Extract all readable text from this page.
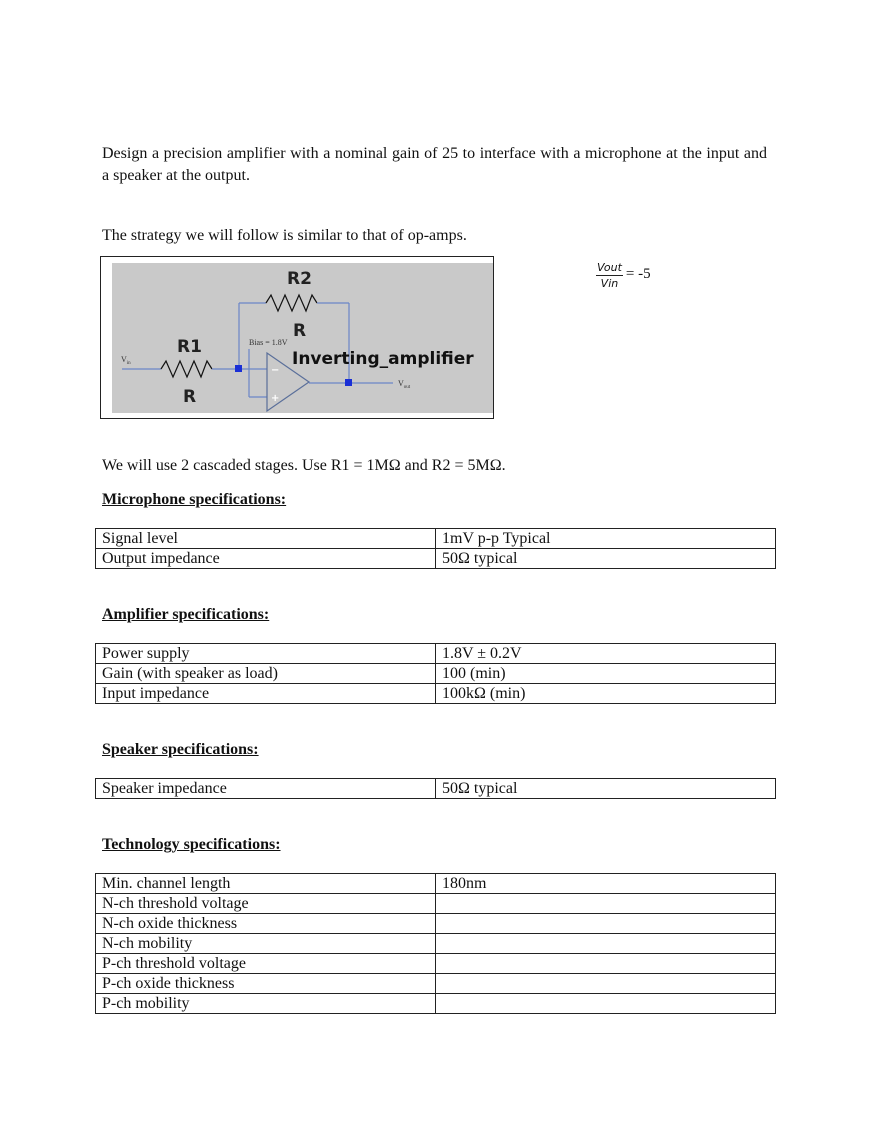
Design a precision amplifier with a nominal gain of 25 to interface with a microphone at the input and a speaker at the output.

The strategy we will follow is similar to that of op-amps.

−
+
R2
R
R1
R
Bias = 1.8V
Inverting_amplifier
$V_{in}$
$V_{out}$
$\frac{\text{Vout}}{\text{Vin}} = -5$

We will use 2 cascaded stages. Use R1 = 1MΩ and R2 = 5MΩ.

Microphone specifications:

Signal level	1mV p-p Typical
Output impedance	50Ω typical

Amplifier specifications:

Power supply	1.8V ± 0.2V
Gain (with speaker as load)	100 (min)
Input impedance	100kΩ (min)

Speaker specifications:

Speaker impedance	50Ω typical

Technology specifications:

Min. channel length	180nm
N-ch threshold voltage	
N-ch oxide thickness	
N-ch mobility	
P-ch threshold voltage	
P-ch oxide thickness	
P-ch mobility	
